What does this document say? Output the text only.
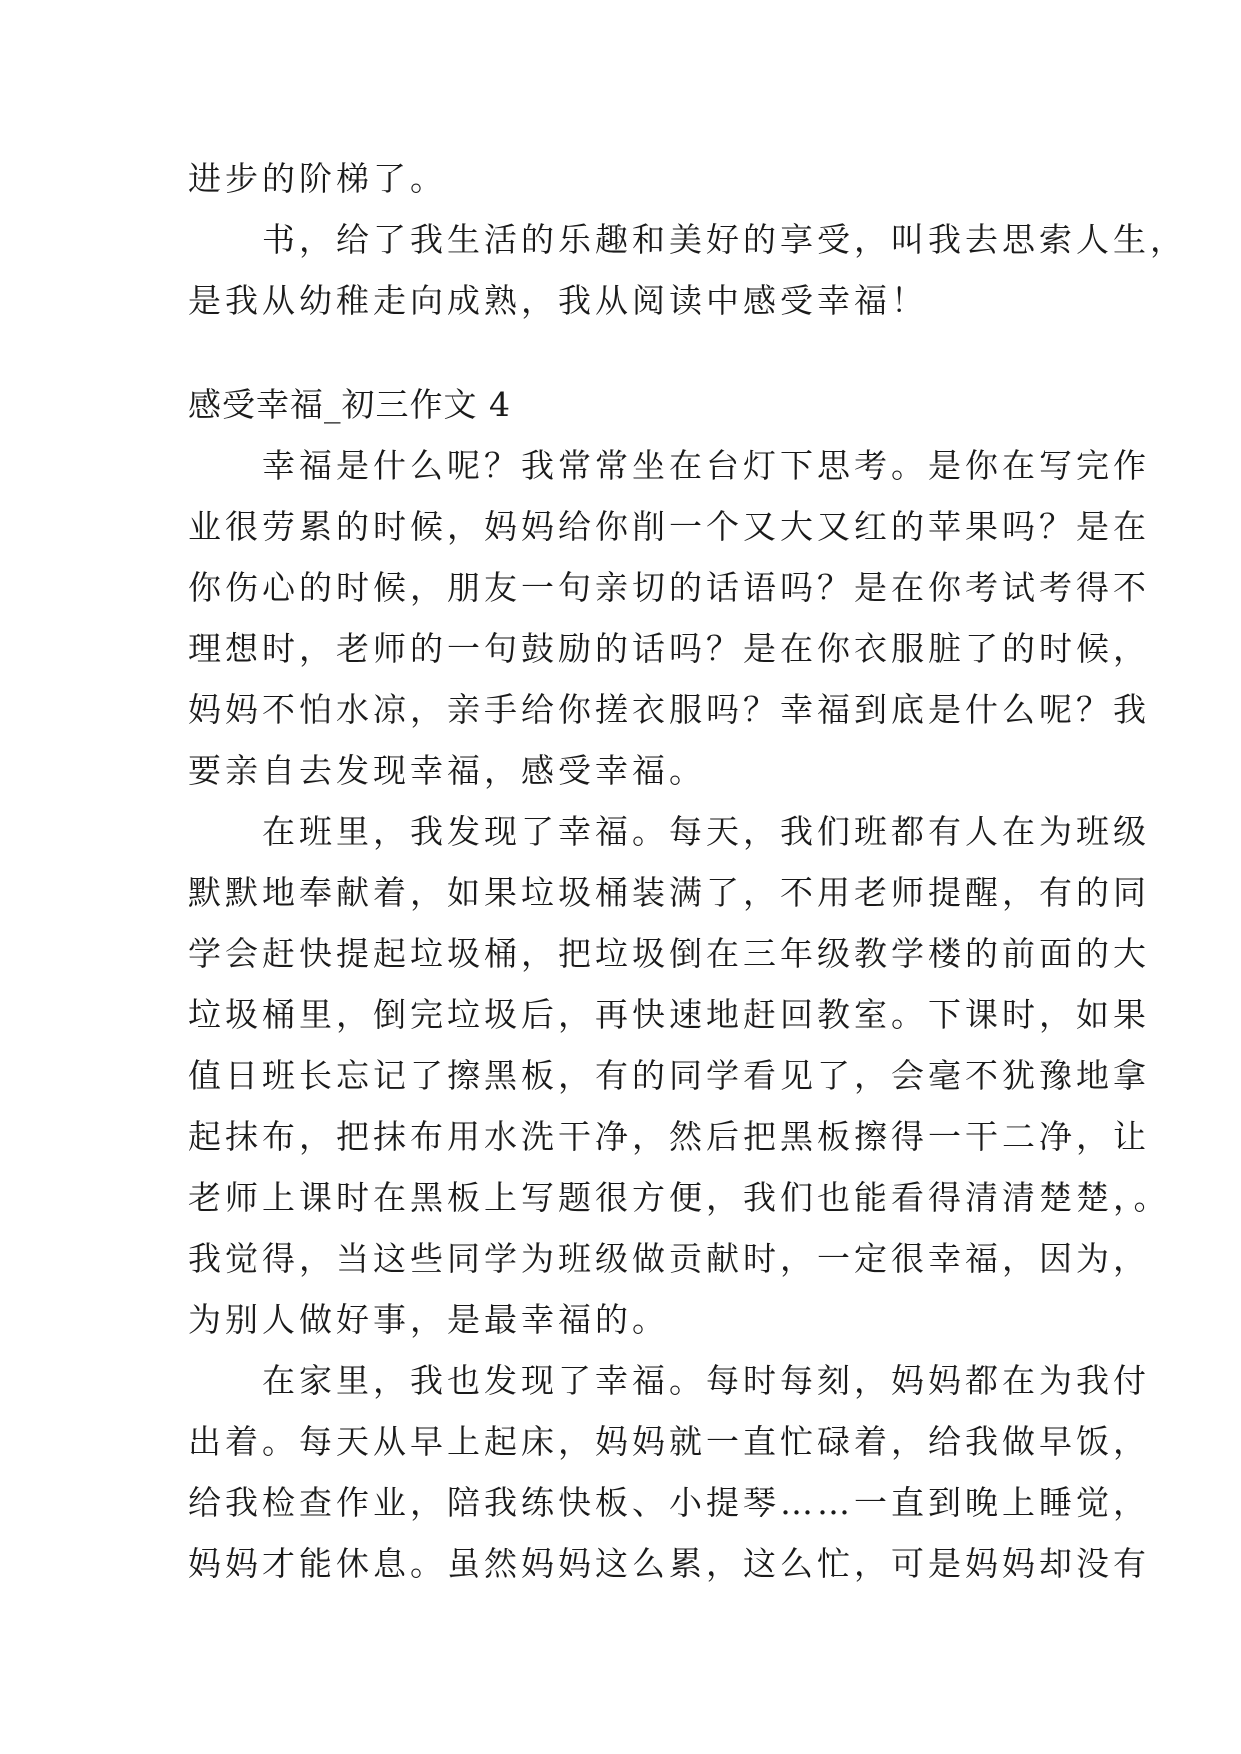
进步的阶梯了。
书，给了我生活的乐趣和美好的享受，叫我去思索人生，
是我从幼稚走向成熟，我从阅读中感受幸福！
感受幸福_初三作文 4
幸福是什么呢？我常常坐在台灯下思考。是你在写完作
业很劳累的时候，妈妈给你削一个又大又红的苹果吗？是在
你伤心的时候，朋友一句亲切的话语吗？是在你考试考得不
理想时，老师的一句鼓励的话吗？是在你衣服脏了的时候，
妈妈不怕水凉，亲手给你搓衣服吗？幸福到底是什么呢？我
要亲自去发现幸福，感受幸福。
在班里，我发现了幸福。每天，我们班都有人在为班级
默默地奉献着，如果垃圾桶装满了，不用老师提醒，有的同
学会赶快提起垃圾桶，把垃圾倒在三年级教学楼的前面的大
垃圾桶里，倒完垃圾后，再快速地赶回教室。下课时，如果
值日班长忘记了擦黑板，有的同学看见了，会毫不犹豫地拿
起抹布，把抹布用水洗干净，然后把黑板擦得一干二净，让
老师上课时在黑板上写题很方便，我们也能看得清清楚楚，。
我觉得，当这些同学为班级做贡献时，一定很幸福，因为，
为别人做好事，是最幸福的。
在家里，我也发现了幸福。每时每刻，妈妈都在为我付
出着。每天从早上起床，妈妈就一直忙碌着，给我做早饭，
给我检查作业，陪我练快板、小提琴……一直到晚上睡觉，
妈妈才能休息。虽然妈妈这么累，这么忙，可是妈妈却没有
